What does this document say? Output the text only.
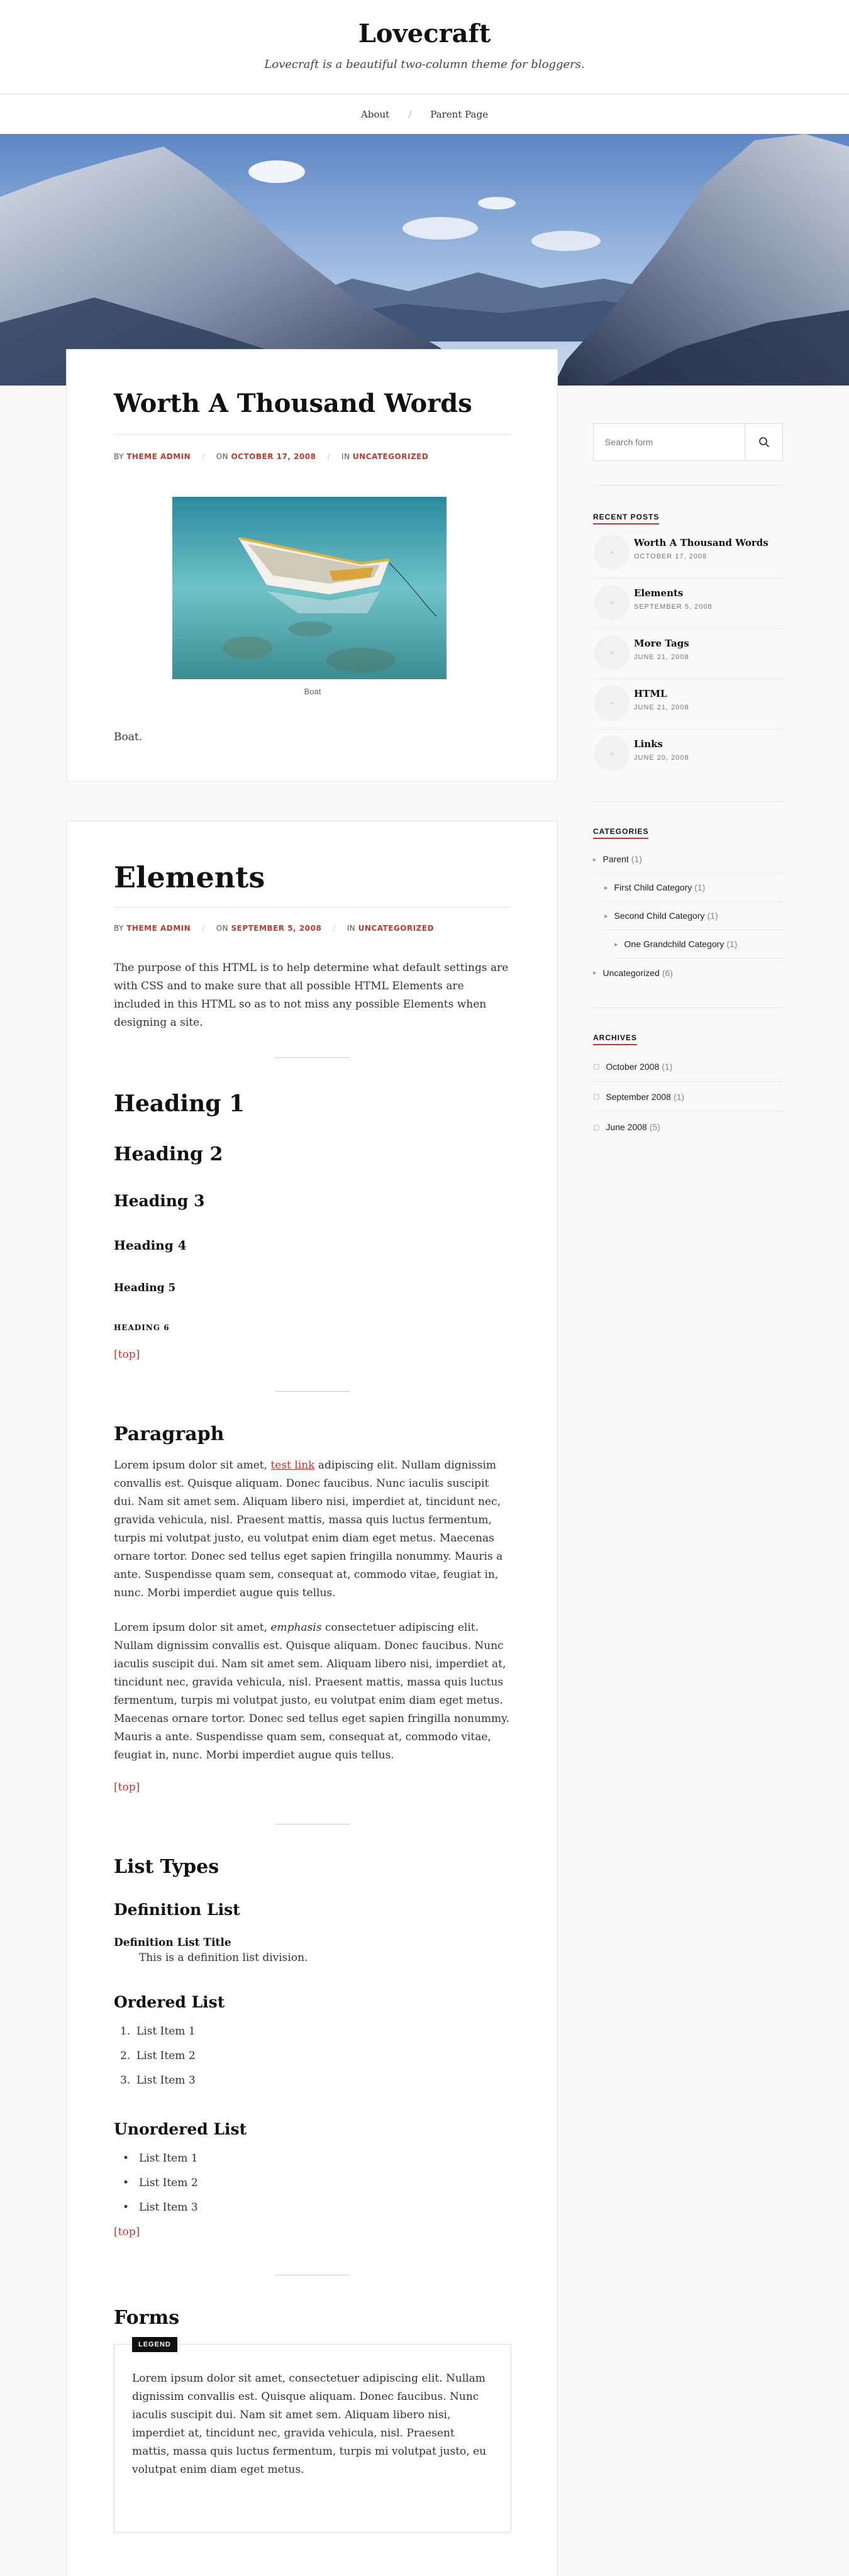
Lovecraft
Lovecraft is a beautiful two-column theme for bloggers.
About / Parent Page
Worth A Thousand Words
BY THEME ADMIN / ON OCTOBER 17, 2008 / IN UNCATEGORIZED
Boat

Boat.

Elements
BY THEME ADMIN / ON SEPTEMBER 5, 2008 / IN UNCATEGORIZED

The purpose of this HTML is to help determine what default settings are with CSS and to make sure that all possible HTML Elements are included in this HTML so as to not miss any possible Elements when designing a site.

Heading 1
Heading 2
Heading 3
Heading 4
Heading 5
HEADING 6
[top]
Paragraph

Lorem ipsum dolor sit amet, test link adipiscing elit. Nullam dignissim convallis est. Quisque aliquam. Donec faucibus. Nunc iaculis suscipit dui. Nam sit amet sem. Aliquam libero nisi, imperdiet at, tincidunt nec, gravida vehicula, nisl. Praesent mattis, massa quis luctus fermentum, turpis mi volutpat justo, eu volutpat enim diam eget metus. Maecenas ornare tortor. Donec sed tellus eget sapien fringilla nonummy. Mauris a ante. Suspendisse quam sem, consequat at, commodo vitae, feugiat in, nunc. Morbi imperdiet augue quis tellus.

Lorem ipsum dolor sit amet, emphasis consectetuer adipiscing elit. Nullam dignissim convallis est. Quisque aliquam. Donec faucibus. Nunc iaculis suscipit dui. Nam sit amet sem. Aliquam libero nisi, imperdiet at, tincidunt nec, gravida vehicula, nisl. Praesent mattis, massa quis luctus fermentum, turpis mi volutpat justo, eu volutpat enim diam eget metus. Maecenas ornare tortor. Donec sed tellus eget sapien fringilla nonummy. Mauris a ante. Suspendisse quam sem, consequat at, commodo vitae, feugiat in, nunc. Morbi imperdiet augue quis tellus.

[top]
List Types
Definition List
Definition List Title
This is a definition list division.
Ordered List
1. List Item 1
2. List Item 2
3. List Item 3
Unordered List
• List Item 1
• List Item 2
• List Item 3
[top]
Forms
LEGEND

Lorem ipsum dolor sit amet, consectetuer adipiscing elit. Nullam dignissim convallis est. Quisque aliquam. Donec faucibus. Nunc iaculis suscipit dui. Nam sit amet sem. Aliquam libero nisi, imperdiet at, tincidunt nec, gravida vehicula, nisl. Praesent mattis, massa quis luctus fermentum, turpis mi volutpat justo, eu volutpat enim diam eget metus.

Search form
RECENT POSTS
▫
Worth A Thousand Words
OCTOBER 17, 2008
▫
Elements
SEPTEMBER 5, 2008
▫
More Tags
JUNE 21, 2008
▫
HTML
JUNE 21, 2008
▫
Links
JUNE 20, 2008
CATEGORIES
▸ Parent (1)
▸ First Child Category (1)
▸ Second Child Category (1)
▸ One Grandchild Category (1)
▸ Uncategorized (6)
ARCHIVES
▢ October 2008 (1)
▢ September 2008 (1)
▢ June 2008 (5)
